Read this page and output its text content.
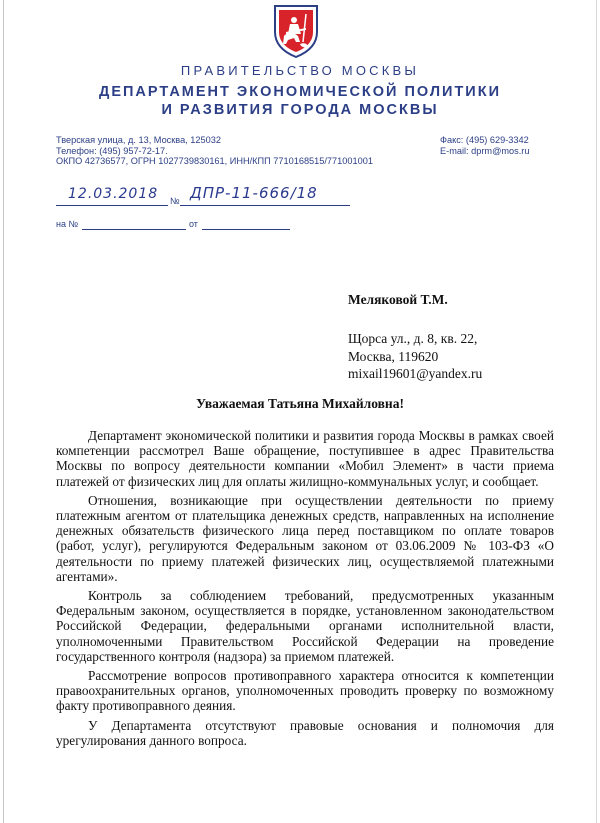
ПРАВИТЕЛЬСТВО МОСКВЫ
ДЕПАРТАМЕНТ ЭКОНОМИЧЕСКОЙ ПОЛИТИКИ
И РАЗВИТИЯ ГОРОДА МОСКВЫ
Тверская улица, д. 13, Москва, 125032
Телефон: (495) 957-72-17.
ОКПО 42736577, ОГРН 1027739830161, ИНН/КПП 7710168515/771001001
Факс: (495) 629-3342
E-mail: dprm@mos.ru
12.03.2018 № ДПР-11-666/18
на №	от
Меляковой Т.М.
Щорса ул., д. 8, кв. 22,
Москва, 119620
mixail19601@yandex.ru
Уважаемая Татьяна Михайловна!

Департамент экономической политики и развития города Москвы в рамках своей компетенции рассмотрел Ваше обращение, поступившее в адрес Правительства Москвы по вопросу деятельности компании «Мобил Элемент» в части приема платежей от физических лиц для оплаты жилищно-коммунальных услуг, и сообщает.

Отношения, возникающие при осуществлении деятельности по приему платежным агентом от плательщика денежных средств, направленных на исполнение денежных обязательств физического лица перед поставщиком по оплате товаров (работ, услуг), регулируются Федеральным законом от 03.06.2009 № 103-ФЗ «О деятельности по приему платежей физических лиц, осуществляемой платежными агентами».

Контроль за соблюдением требований, предусмотренных указанным Федеральным законом, осуществляется в порядке, установленном законодательством Российской Федерации, федеральными органами исполнительной власти, уполномоченными Правительством Российской Федерации на проведение государственного контроля (надзора) за приемом платежей.

Рассмотрение вопросов противоправного характера относится к компетенции правоохранительных органов, уполномоченных проводить проверку по возможному факту противоправного деяния.

У Департамента отсутствуют правовые основания и полномочия для урегулирования данного вопроса.
